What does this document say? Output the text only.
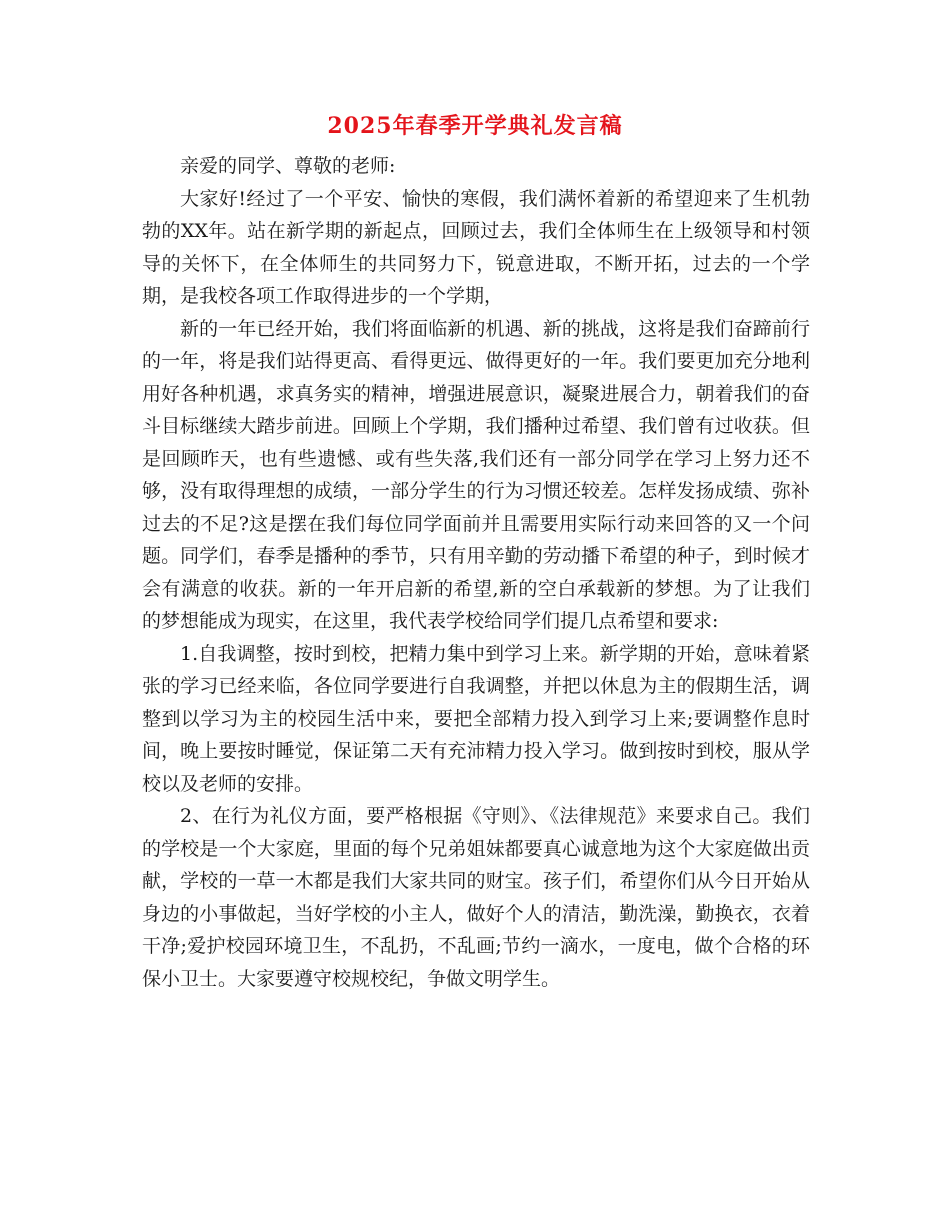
2025年春季开学典礼发言稿

亲爱的同学、尊敬的老师:

大家好!经过了一个平安、愉快的寒假，我们满怀着新的希望迎来了生机勃勃的XX年。站在新学期的新起点，回顾过去，我们全体师生在上级领导和村领导的关怀下，在全体师生的共同努力下，锐意进取，不断开拓，过去的一个学期，是我校各项工作取得进步的一个学期，

新的一年已经开始，我们将面临新的机遇、新的挑战，这将是我们奋蹄前行的一年，将是我们站得更高、看得更远、做得更好的一年。我们要更加充分地利用好各种机遇，求真务实的精神，增强进展意识，凝聚进展合力，朝着我们的奋斗目标继续大踏步前进。回顾上个学期，我们播种过希望、我们曾有过收获。但是回顾昨天，也有些遗憾、或有些失落,我们还有一部分同学在学习上努力还不够，没有取得理想的成绩，一部分学生的行为习惯还较差。怎样发扬成绩、弥补过去的不足?这是摆在我们每位同学面前并且需要用实际行动来回答的又一个问题。同学们，春季是播种的季节，只有用辛勤的劳动播下希望的种子，到时候才会有满意的收获。新的一年开启新的希望,新的空白承载新的梦想。为了让我们的梦想能成为现实，在这里，我代表学校给同学们提几点希望和要求:

1.自我调整，按时到校，把精力集中到学习上来。新学期的开始，意味着紧张的学习已经来临，各位同学要进行自我调整，并把以休息为主的假期生活，调整到以学习为主的校园生活中来，要把全部精力投入到学习上来;要调整作息时间，晚上要按时睡觉，保证第二天有充沛精力投入学习。做到按时到校，服从学校以及老师的安排。

2、在行为礼仪方面，要严格根据《守则》、《法律规范》来要求自己。我们的学校是一个大家庭，里面的每个兄弟姐妹都要真心诚意地为这个大家庭做出贡献，学校的一草一木都是我们大家共同的财宝。孩子们，希望你们从今日开始从身边的小事做起，当好学校的小主人，做好个人的清洁，勤洗澡，勤换衣，衣着干净;爱护校园环境卫生，不乱扔，不乱画;节约一滴水，一度电，做个合格的环保小卫士。大家要遵守校规校纪，争做文明学生。
